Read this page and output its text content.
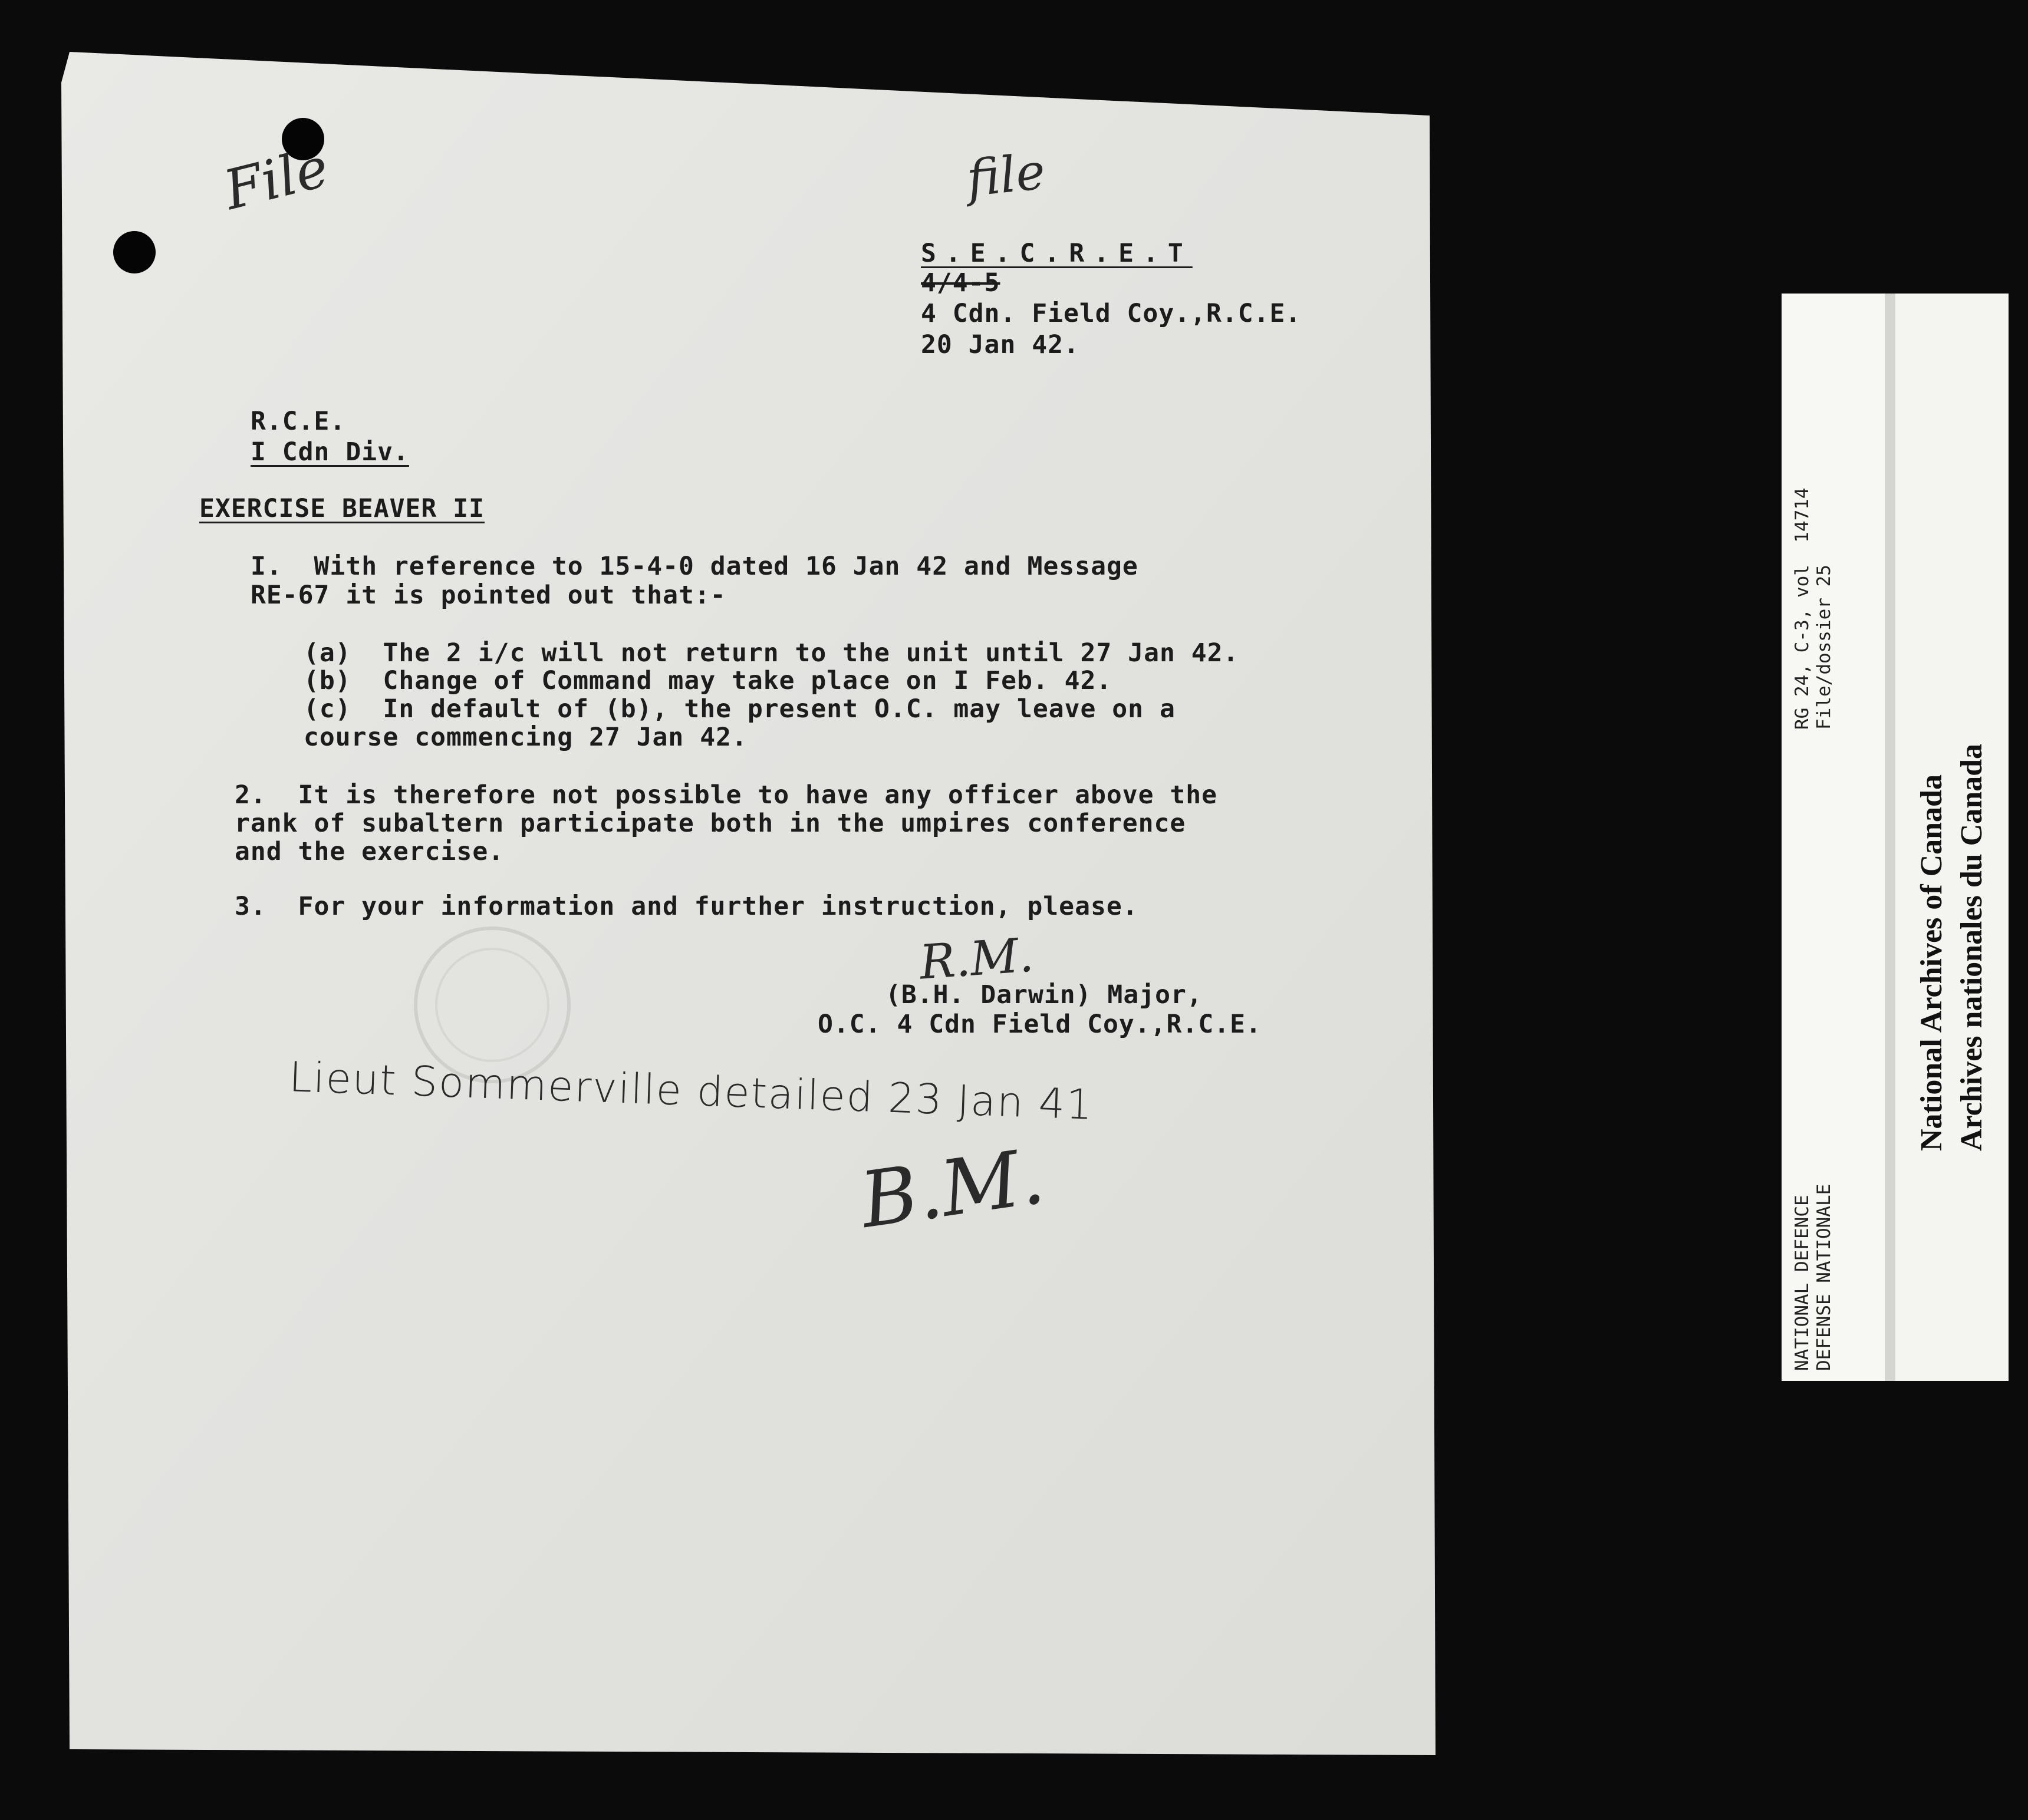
File	file
S.E.C.R.E.T
4/4-5
4 Cdn. Field Coy.,R.C.E.
20 Jan 42.
R.C.E.
I Cdn Div.
EXERCISE BEAVER II
I.  With reference to 15-4-0 dated 16 Jan 42 and Message
RE-67 it is pointed out that:-
(a)  The 2 i/c will not return to the unit until 27 Jan 42.
(b)  Change of Command may take place on I Feb. 42.
(c)  In default of (b), the present O.C. may leave on a
course commencing 27 Jan 42.
2.  It is therefore not possible to have any officer above the
rank of subaltern participate both in the umpires conference
and the exercise.
3.  For your information and further instruction, please.
R.M.
(B.H. Darwin) Major,
O.C. 4 Cdn Field Coy.,R.C.E.
Lieut Sommerville detailed 23 Jan 41
B.M.
RG 24, C-3, vol  14714 File/dossier 25
NATIONAL DEFENCE DEFENSE NATIONALE
National Archives of Canada Archives nationales du Canada
